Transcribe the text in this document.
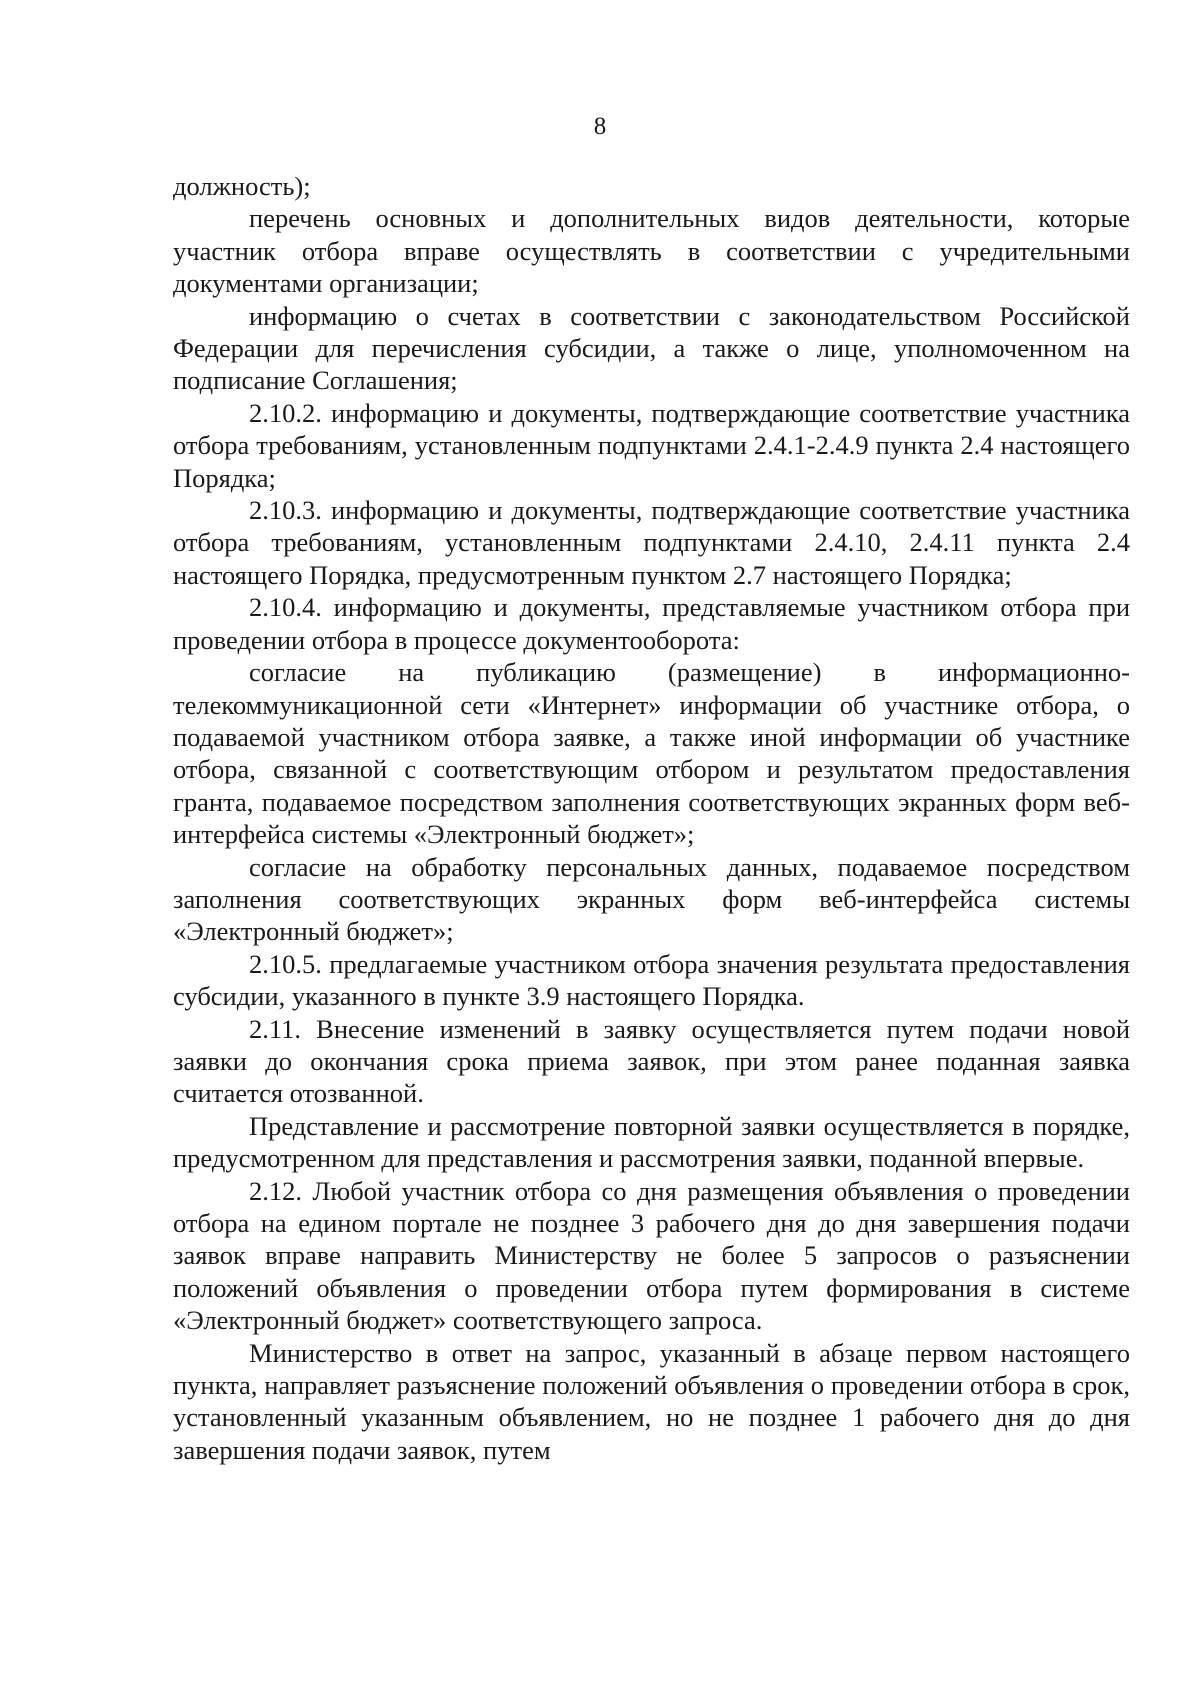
8

должность);

перечень основных и дополнительных видов деятельности, которые участник отбора вправе осуществлять в соответствии с учредительными документами организации;

информацию о счетах в соответствии с законодательством Российской Федерации для перечисления субсидии, а также о лице, уполномоченном на подписание Соглашения;

2.10.2. информацию и документы, подтверждающие соответствие участника отбора требованиям, установленным подпунктами 2.4.1-2.4.9 пункта 2.4 настоящего Порядка;

2.10.3. информацию и документы, подтверждающие соответствие участника отбора требованиям, установленным подпунктами 2.4.10, 2.4.11 пункта 2.4 настоящего Порядка, предусмотренным пунктом 2.7 настоящего Порядка;

2.10.4. информацию и документы, представляемые участником отбора при проведении отбора в процессе документооборота:

согласие на публикацию (размещение) в информационно-телекоммуникационной сети «Интернет» информации об участнике отбора, о подаваемой участником отбора заявке, а также иной информации об участнике отбора, связанной с соответствующим отбором и результатом предоставления гранта, подаваемое посредством заполнения соответствующих экранных форм веб-интерфейса системы «Электронный бюджет»;

согласие на обработку персональных данных, подаваемое посредством заполнения соответствующих экранных форм веб-интерфейса системы «Электронный бюджет»;

2.10.5. предлагаемые участником отбора значения результата предоставления субсидии, указанного в пункте 3.9 настоящего Порядка.

2.11. Внесение изменений в заявку осуществляется путем подачи новой заявки до окончания срока приема заявок, при этом ранее поданная заявка считается отозванной.

Представление и рассмотрение повторной заявки осуществляется в порядке, предусмотренном для представления и рассмотрения заявки, поданной впервые.

2.12. Любой участник отбора со дня размещения объявления о проведении отбора на едином портале не позднее 3 рабочего дня до дня завершения подачи заявок вправе направить Министерству не более 5 запросов о разъяснении положений объявления о проведении отбора путем формирования в системе «Электронный бюджет» соответствующего запроса.

Министерство в ответ на запрос, указанный в абзаце первом настоящего пункта, направляет разъяснение положений объявления о проведении отбора в срок, установленный указанным объявлением, но не позднее 1 рабочего дня до дня завершения подачи заявок, путем
